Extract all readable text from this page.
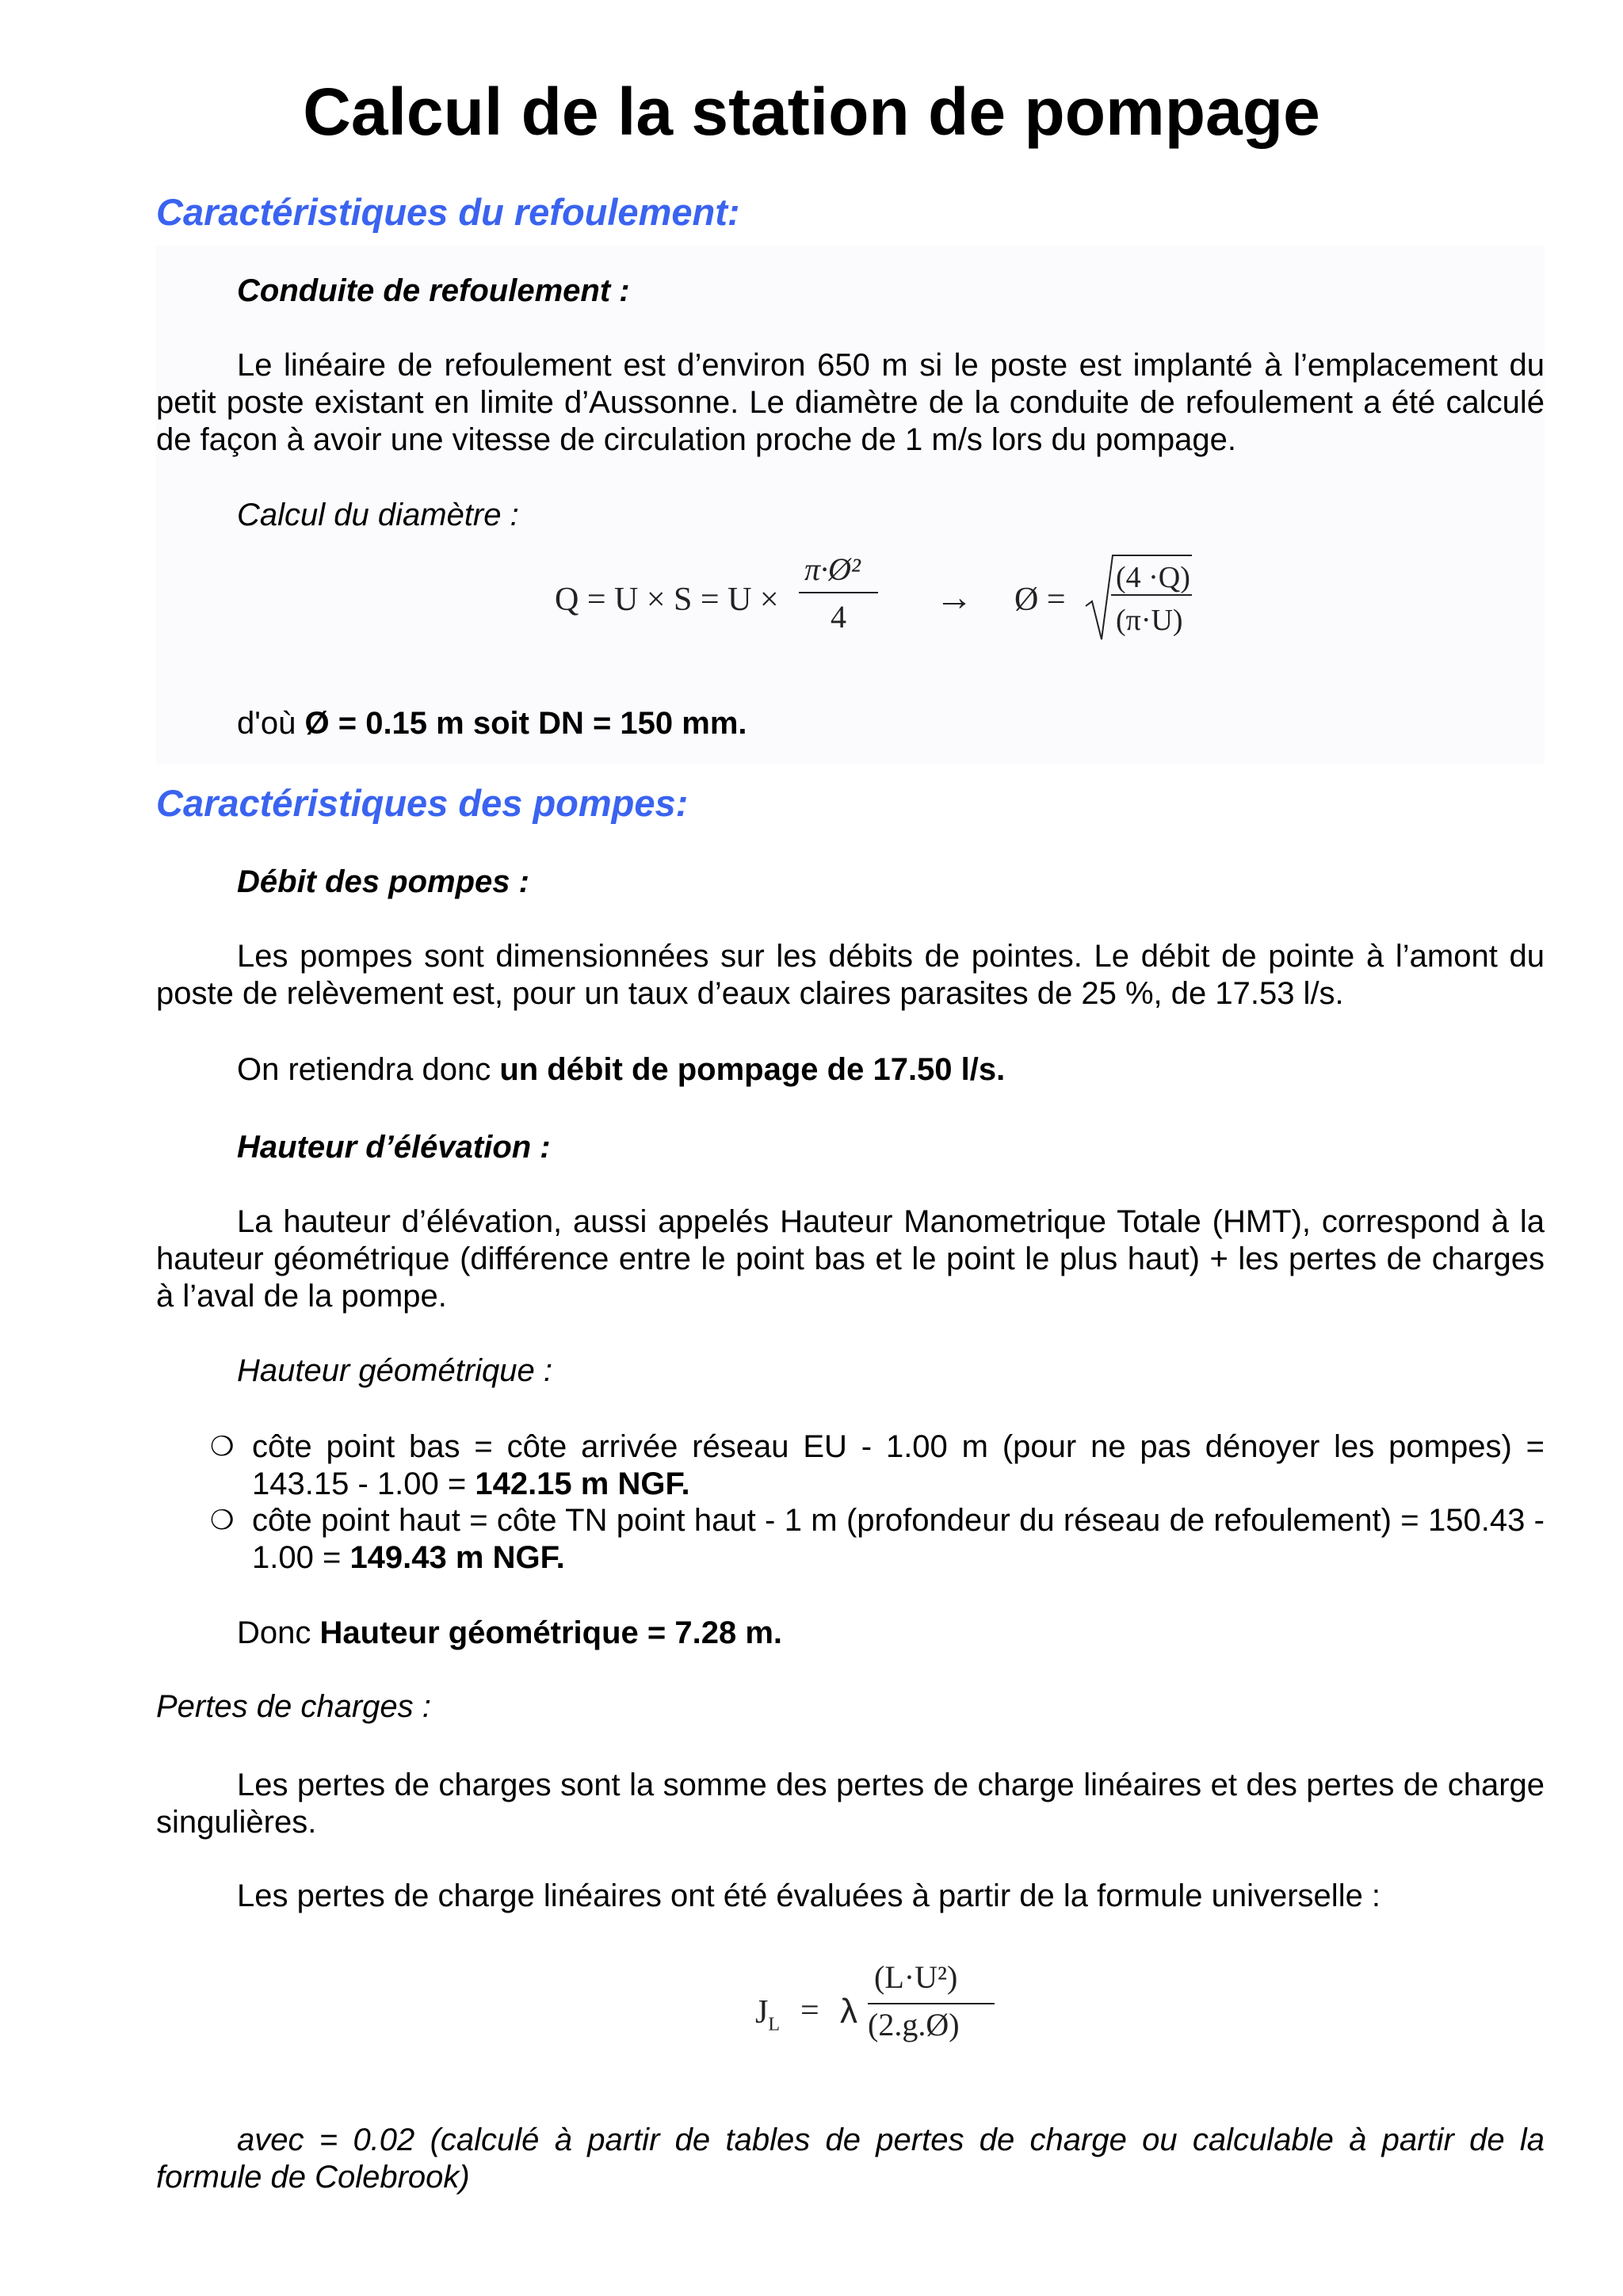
Calcul de la station de pompage
Caractéristiques du refoulement:
Conduite de refoulement :

Le linéaire de refoulement est d’environ 650 m si le poste est implanté à l’emplacement du petit poste existant en limite d’Aussonne. Le diamètre de la conduite de refoulement a été calculé de façon à avoir une vitesse de circulation proche de 1 m/s lors du pompage.

Calcul du diamètre :

Q = U × S = U ×
π·Ø²
4 → Ø =
(4 ·Q)
(π·U)

d'où Ø = 0.15 m soit DN = 150 mm.

Caractéristiques des pompes:
Débit des pompes :

Les pompes sont dimensionnées sur les débits de pointes. Le débit de pointe à l’amont du poste de relèvement est, pour un taux d’eaux claires parasites de 25 %, de 17.53 l/s.

On retiendra donc un débit de pompage de 17.50 l/s.

Hauteur d’élévation :

La hauteur d’élévation, aussi appelés Hauteur Manometrique Totale (HMT), correspond à la hauteur géométrique (différence entre le point bas et le point le plus haut) + les pertes de charges à l’aval de la pompe.

Hauteur géométrique :

❍ côte point bas = côte arrivée réseau EU - 1.00 m (pour ne pas dénoyer les pompes) = 143.15 - 1.00 = 142.15 m NGF.
❍ côte point haut = côte TN point haut - 1 m (profondeur du réseau de refoulement) = 150.43 - 1.00 = 149.43 m NGF.

Donc Hauteur géométrique = 7.28 m.

Pertes de charges :

Les pertes de charges sont la somme des pertes de charge linéaires et des pertes de charge singulières.

Les pertes de charge linéaires ont été évaluées à partir de la formule universelle :

$J_L = \lambda$
(L·U²)
(2.g.Ø)

avec = 0.02 (calculé à partir de tables de pertes de charge ou calculable à partir de la formule de Colebrook)
